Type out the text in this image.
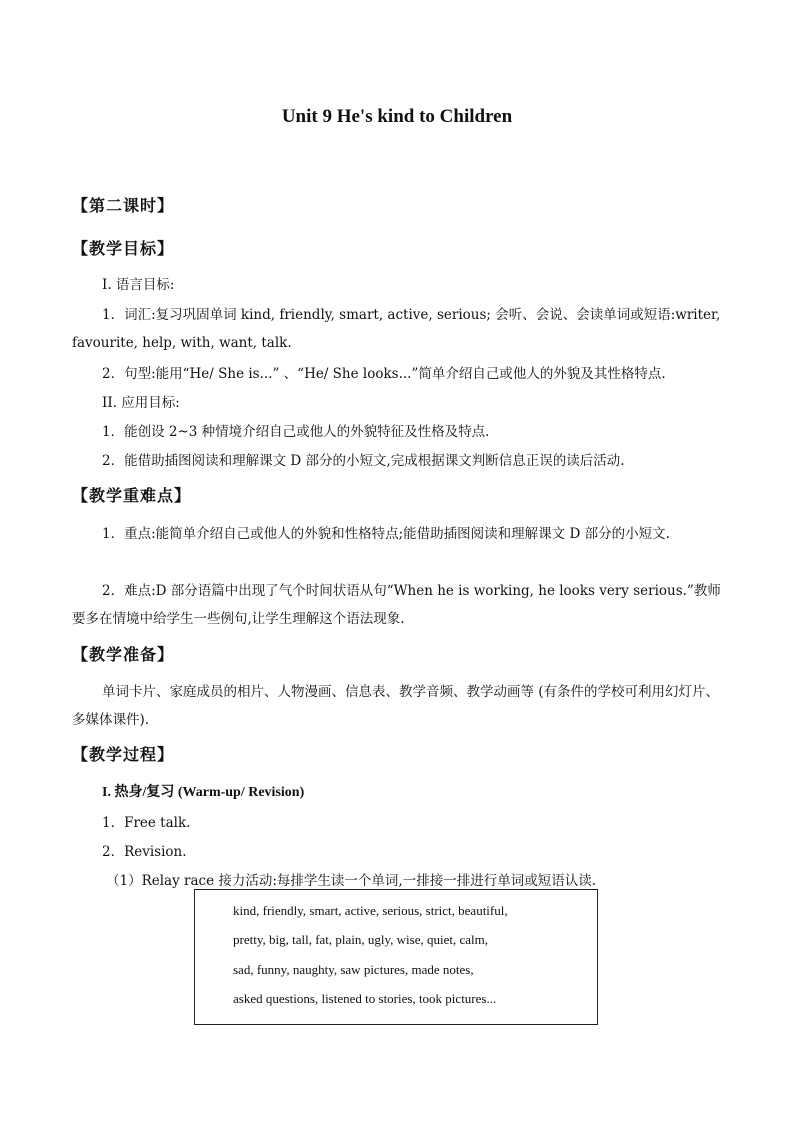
Unit 9 He's kind to Children
【第二课时】
【教学目标】
I. 语言目标:
1．词汇:复习巩固单词 kind, friendly, smart, active, serious; 会听、会说、会读单词或短语:writer, favourite, help, with, want, talk.
2．句型:能用“He/ She is...” 、“He/ She looks...”简单介绍自己或他人的外貌及其性格特点.
II. 应用目标:
1．能创设 2~3 种情境介绍自己或他人的外貌特征及性格及特点.
2．能借助插图阅读和理解课文 D 部分的小短文,完成根据课文判断信息正误的读后活动.
【教学重难点】
1．重点:能简单介绍自己或他人的外貌和性格特点;能借助插图阅读和理解课文 D 部分的小短文.
2．难点:D 部分语篇中出现了气个时间状语从句“When he is working, he looks very serious.”教师要多在情境中给学生一些例句,让学生理解这个语法现象.
【教学准备】
单词卡片、家庭成员的相片、人物漫画、信息表、教学音频、教学动画等 (有条件的学校可利用幻灯片、多媒体课件).
【教学过程】
I. 热身/复习 (Warm-up/ Revision)
1．Free talk.
2．Revision.
（1）Relay race 接力活动:每排学生读一个单词,一排接一排进行单词或短语认读.
kind, friendly, smart, active, serious, strict, beautiful,
pretty, big, tall, fat, plain, ugly, wise, quiet, calm,
sad, funny, naughty, saw pictures, made notes,
asked questions, listened to stories, took pictures...
